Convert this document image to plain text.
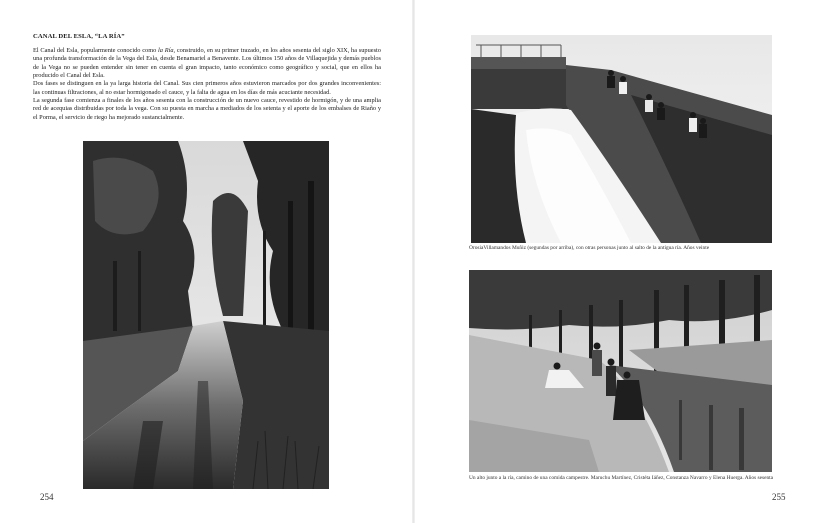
CANAL DEL ESLA, “LA RÍA”

El Canal del Esla, popularmente conocido como la Ría, construido, en su primer trazado, en los años sesenta del siglo XIX, ha supuesto una profunda transformación de la Vega del Esla, desde Benamariel a Benavente. Los últimos 150 años de Villaquejida y demás pueblos de la Vega no se pueden entender sin tener en cuenta el gran impacto, tanto económico como geográfico y social, que en ellos ha producido el Canal del Esla.

Dos fases se distinguen en la ya larga historia del Canal. Sus cien primeros años estuvieron marcados por dos grandes inconvenientes: las continuas filtraciones, al no estar hormigonado el cauce, y la falta de agua en los días de más acuciante necesidad.

La segunda fase comienza a finales de los años sesenta con la construcción de un nuevo cauce, revestido de hormigón, y de una amplia red de acequias distribuidas por toda la vega. Con su puesta en marcha a mediados de los setenta y el aporte de los embalses de Riaño y el Porma, el servicio de riego ha mejorado sustancialmente.

254
OrosiaVillamandos Muñiz (segundas por arriba), con otras personas junto al salto de la antigua ría. Años veinte
Un alto junto a la ría, camino de una comida campestre. Maruchu Martínez, Cristéta Iáñez, Constanza Navarro y Elena Huerga. Años sesenta
255
